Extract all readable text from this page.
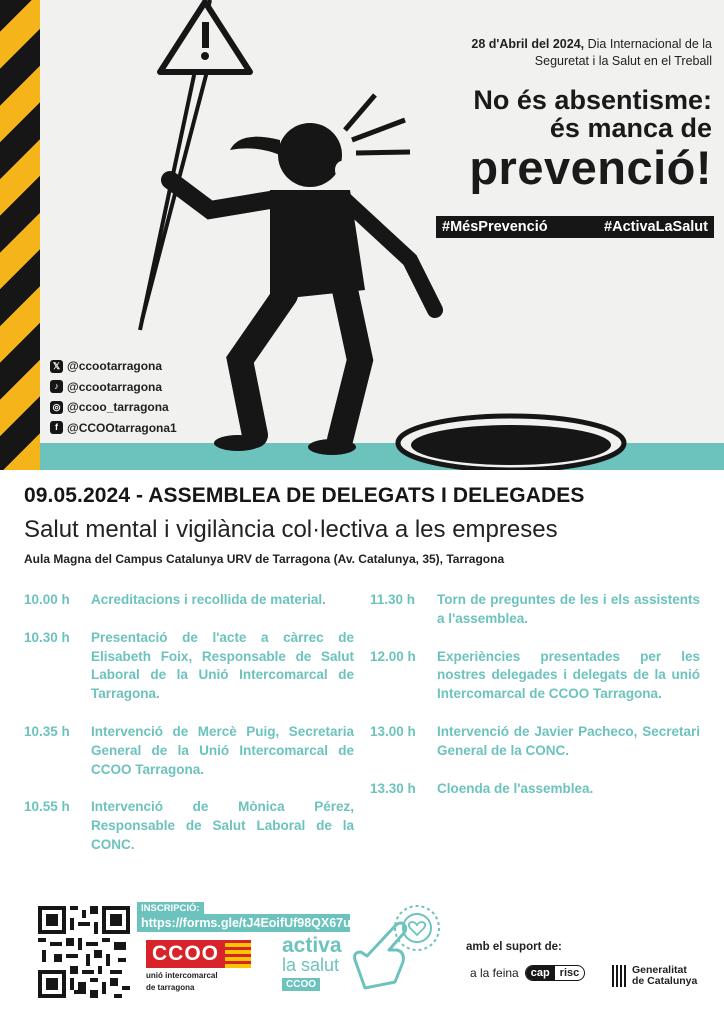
28 d'Abril del 2024, Dia Internacional de la
Seguretat i la Salut en el Treball
No és absentisme:
és manca de
prevenció!
#MésPrevenció	#ActivaLaSalut
𝕏 @ccootarragona
♪ @ccootarragona
◎ @ccoo_tarragona
f @CCOOtarragona1
09.05.2024 - ASSEMBLEA DE DELEGATS I DELEGADES
Salut mental i vigilància col·lectiva a les empreses
Aula Magna del Campus Catalunya URV de Tarragona (Av. Catalunya, 35), Tarragona
10.00 h	Acreditacions i recollida de material.
10.30 h	Presentació de l'acte a càrrec de Elisabeth Foix, Responsable de Salut Laboral de la Unió Intercomarcal de Tarragona.
10.35 h	Intervenció de Mercè Puig, Secretaria General de la Unió Intercomarcal de CCOO Tarragona.
10.55 h	Intervenció de Mònica Pérez, Responsable de Salut Laboral de la CONC.
11.30 h	Torn de preguntes de les i els assistents a l'assemblea.
12.00 h	Experiències presentades per les nostres delegades i delegats de la unió Intercomarcal de CCOO Tarragona.
13.00 h	Intervenció de Javier Pacheco, Secretari General de la CONC.
13.30 h	Cloenda de l'assemblea.
INSCRIPCIÓ:
https://forms.gle/tJ4EoifUf98QX67u6
CCOO
unió intercomarcal
de tarragona
activa
la salut
CCOO
amb el suport de:
a la feina	cap risc	Generalitat
de Catalunya
